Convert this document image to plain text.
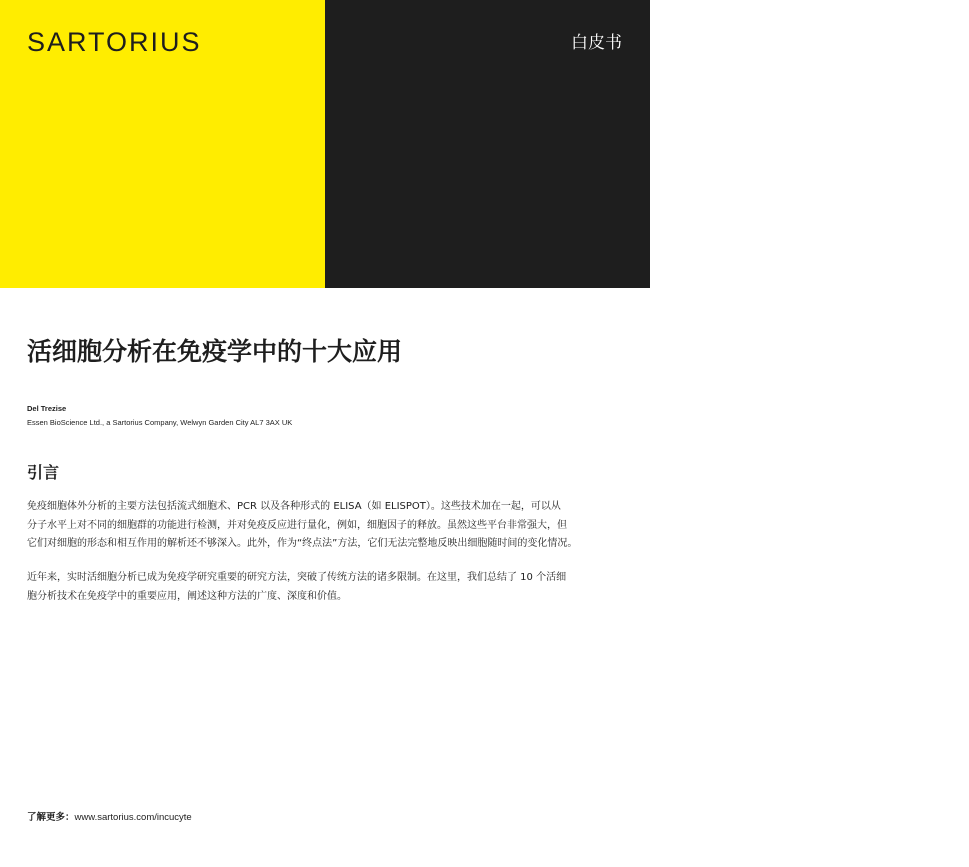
SARTORIUS	白皮书
关键词或短语：
免疫学、活细胞分析、免疫分型，NETosis，吞噬作用，
免疫细胞杀伤，抗体内化，巨噬细胞，T 细胞
活细胞分析在免疫学中的十大应用
Del Trezise
Essen BioScience Ltd., a Sartorius Company, Welwyn Garden City AL7 3AX UK
引言

免疫细胞体外分析的主要方法包括流式细胞术、PCR 以及各种形式的 ELISA（如 ELISPOT）。这些技术加在一起，可以从
分子水平上对不同的细胞群的功能进行检测，并对免疫反应进行量化，例如，细胞因子的释放。虽然这些平台非常强大，但
它们对细胞的形态和相互作用的解析还不够深入。此外，作为“终点法”方法，它们无法完整地反映出细胞随时间的变化情况。

近年来，实时活细胞分析已成为免疫学研究重要的研究方法，突破了传统方法的诸多限制。在这里，我们总结了 10 个活细
胞分析技术在免疫学中的重要应用，阐述这种方法的广度、深度和价值。

了解更多：www.sartorius.com/incucyte
